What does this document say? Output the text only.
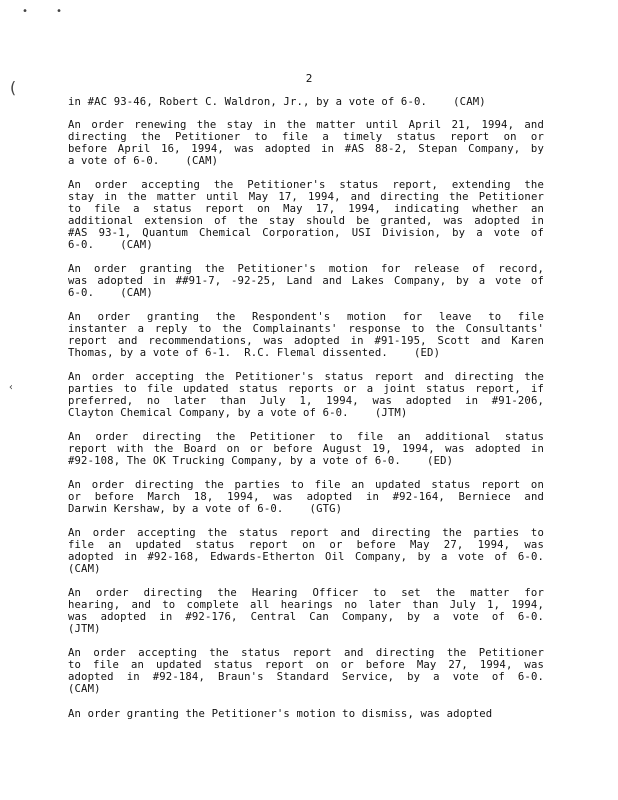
•	•
(
‹
2
in #AC 93-46, Robert C. Waldron, Jr., by a vote of 6-0.    (CAM)
An order renewing the stay in the matter until April 21, 1994, and
directing the Petitioner to file a timely status report on or
before April 16, 1994, was adopted in #AS 88-2, Stepan Company, by
a vote of 6-0.    (CAM)
An order accepting the Petitioner's status report, extending the
stay in the matter until May 17, 1994, and directing the Petitioner
to file a status report on May 17, 1994, indicating whether an
additional extension of the stay should be granted, was adopted in
#AS 93-1, Quantum Chemical Corporation, USI Division, by a vote of
6-0.    (CAM)
An order granting the Petitioner's motion for release of record,
was adopted in ##91-7, -92-25, Land and Lakes Company, by a vote of
6-0.    (CAM)
An order granting the Respondent's motion for leave to file
instanter a reply to the Complainants' response to the Consultants'
report and recommendations, was adopted in #91-195, Scott and Karen
Thomas, by a vote of 6-1.  R.C. Flemal dissented.    (ED)
An order accepting the Petitioner's status report and directing the
parties to file updated status reports or a joint status report, if
preferred, no later than July 1, 1994, was adopted in #91-206,
Clayton Chemical Company, by a vote of 6-0.    (JTM)
An order directing the Petitioner to file an additional status
report with the Board on or before August 19, 1994, was adopted in
#92-108, The OK Trucking Company, by a vote of 6-0.    (ED)
An order directing the parties to file an updated status report on
or before March 18, 1994, was adopted in #92-164, Berniece and
Darwin Kershaw, by a vote of 6-0.    (GTG)
An order accepting the status report and directing the parties to
file an updated status report on or before May 27, 1994, was
adopted in #92-168, Edwards-Etherton Oil Company, by a vote of 6-0.
(CAM)
An order directing the Hearing Officer to set the matter for
hearing, and to complete all hearings no later than July 1, 1994,
was adopted in #92-176, Central Can Company, by a vote of 6-0.
(JTM)
An order accepting the status report and directing the Petitioner
to file an updated status report on or before May 27, 1994, was
adopted in #92-184, Braun's Standard Service, by a vote of 6-0.
(CAM)
An order granting the Petitioner's motion to dismiss, was adopted
